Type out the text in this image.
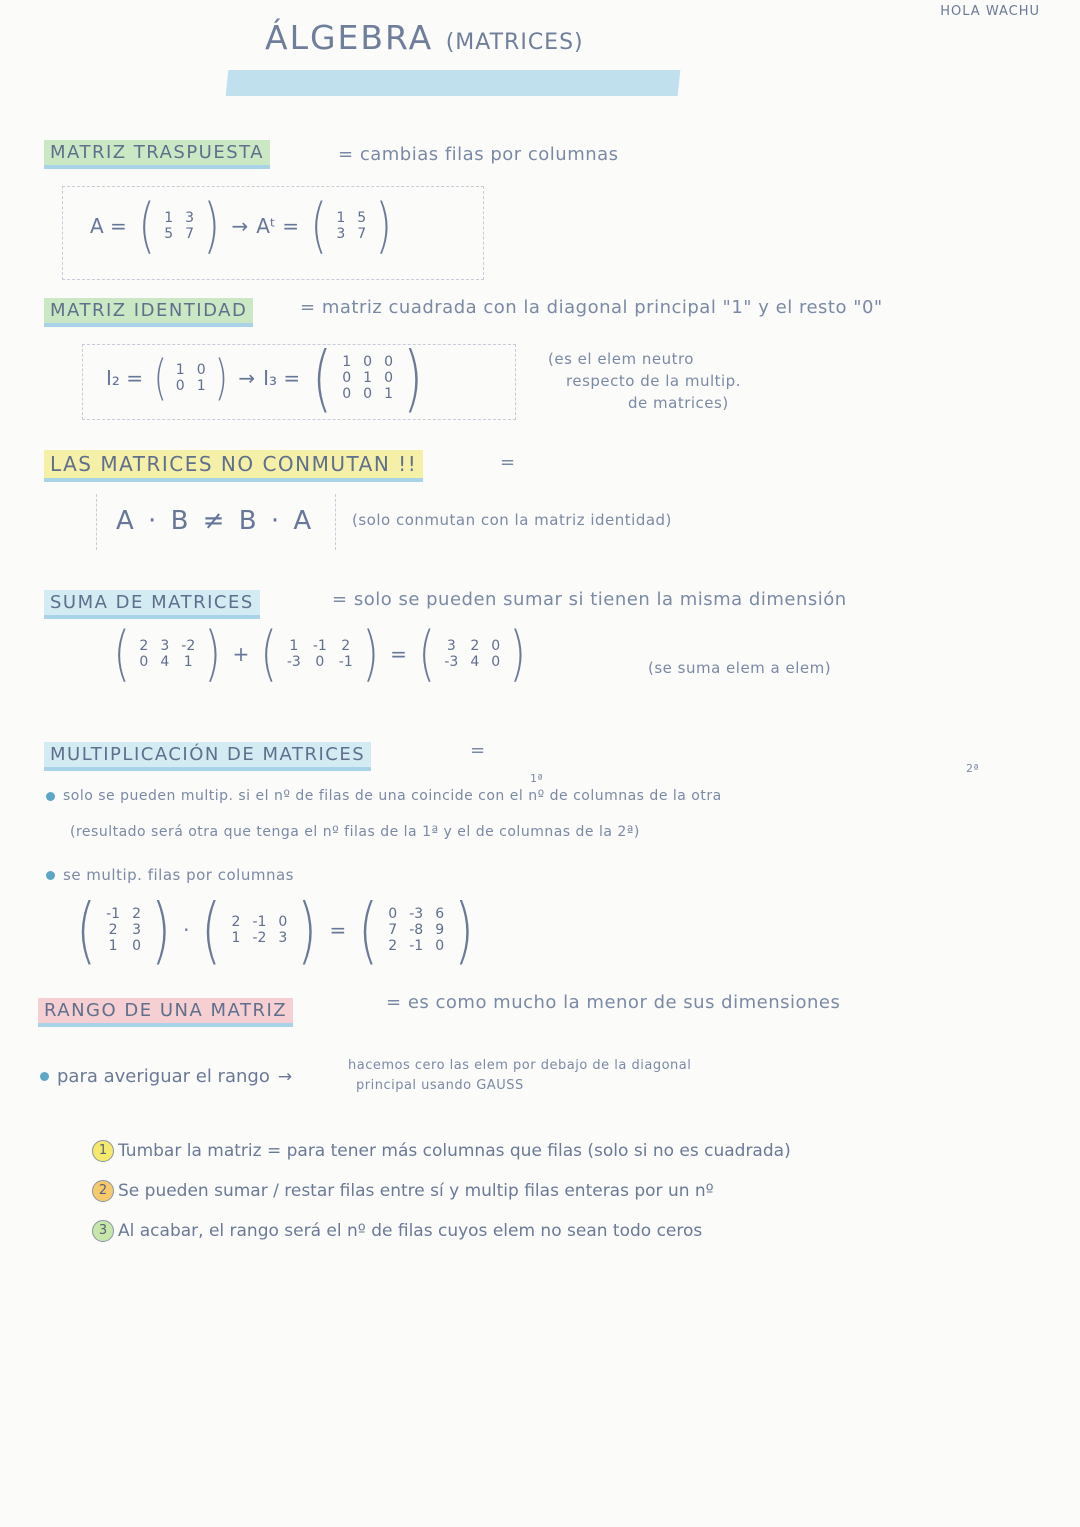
HOLA WACHU
ÁLGEBRA (MATRICES)
MATRIZ TRASPUESTA	= cambias filas por columnas
A = ( 1	3
5	7 ) → Aᵗ = ( 1	5
3	7 )
MATRIZ IDENTIDAD	= matriz cuadrada con la diagonal principal "1" y el resto "0"
I₂ = ( 1	0
0	1 ) → I₃ = ( 1	0	0
0	1	0
0	0	1 )	(es el elem neutro
respecto de la multip.
de matrices)
LAS MATRICES NO CONMUTAN !!	=
A · B ≠ B · A	(solo conmutan con la matriz identidad)
SUMA DE MATRICES	= solo se pueden sumar si tienen la misma dimensión
( 2	3	-2
0	4	1 ) + ( 1	-1	2
-3	0	-1 ) = ( 3	2	0
-3	4	0 )	(se suma elem a elem)
MULTIPLICACIÓN DE MATRICES	=
1ª
2ª
solo se pueden multip. si el nº de filas de una coincide con el nº de columnas de la otra
(resultado será otra que tenga el nº filas de la 1ª y el de columnas de la 2ª)
se multip. filas por columnas
( -1	2
2	3
1	0 ) · ( 2	-1	0
1	-2	3 ) = ( 0	-3	6
7	-8	9
2	-1	0 )
RANGO DE UNA MATRIZ	= es como mucho la menor de sus dimensiones
para averiguar el rango →
hacemos cero las elem por debajo de la diagonal
principal usando GAUSS
1 Tumbar la matriz = para tener más columnas que filas (solo si no es cuadrada)
2 Se pueden sumar / restar filas entre sí y multip filas enteras por un nº
3 Al acabar, el rango será el nº de filas cuyos elem no sean todo ceros
